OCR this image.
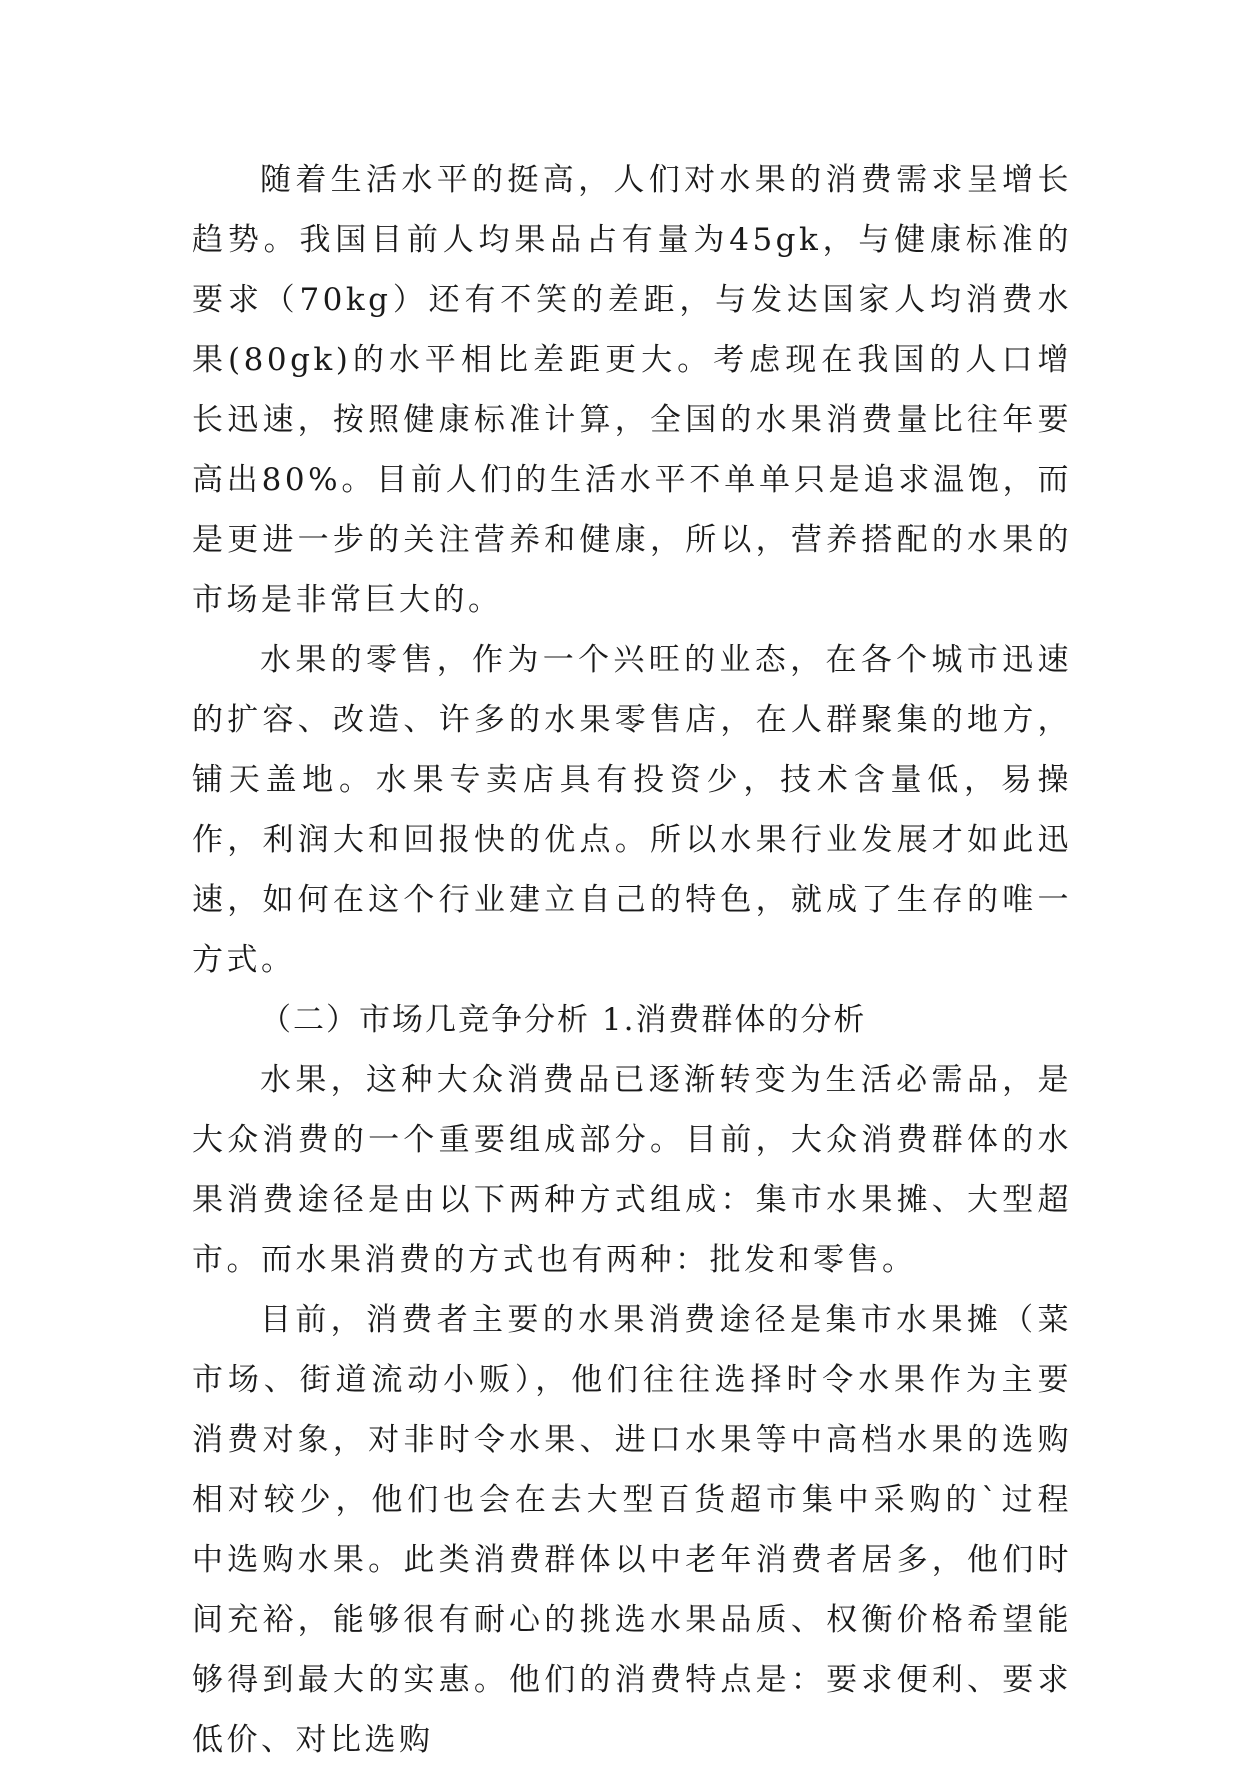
随着生活水平的挺高，人们对水果的消费需求呈增长趋势。我国目前人均果品占有量为45gk，与健康标准的要求（70kg）还有不笑的差距，与发达国家人均消费水果(80gk)的水平相比差距更大。考虑现在我国的人口增长迅速，按照健康标准计算，全国的水果消费量比往年要高出80%。目前人们的生活水平不单单只是追求温饱，而是更进一步的关注营养和健康，所以，营养搭配的水果的市场是非常巨大的。

水果的零售，作为一个兴旺的业态，在各个城市迅速的扩容、改造、许多的水果零售店，在人群聚集的地方，铺天盖地。水果专卖店具有投资少，技术含量低，易操作，利润大和回报快的优点。所以水果行业发展才如此迅速，如何在这个行业建立自己的特色，就成了生存的唯一方式。

（二）市场几竞争分析 1.消费群体的分析

水果，这种大众消费品已逐渐转变为生活必需品，是大众消费的一个重要组成部分。目前，大众消费群体的水果消费途径是由以下两种方式组成：集市水果摊、大型超市。而水果消费的方式也有两种：批发和零售。

目前，消费者主要的水果消费途径是集市水果摊（菜市场、街道流动小贩），他们往往选择时令水果作为主要消费对象，对非时令水果、进口水果等中高档水果的选购相对较少，他们也会在去大型百货超市集中采购的`过程中选购水果。此类消费群体以中老年消费者居多，他们时间充裕，能够很有耐心的挑选水果品质、权衡价格希望能够得到最大的实惠。他们的消费特点是：要求便利、要求低价、对比选购
